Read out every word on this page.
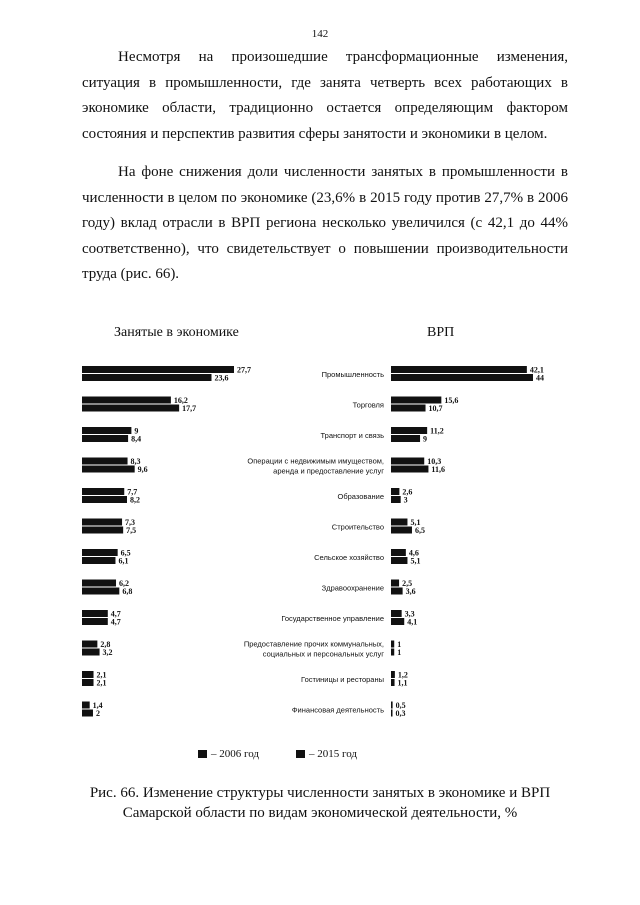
142

Несмотря на произошедшие трансформационные изменения, ситуация в промышленности, где занята четверть всех работающих в экономике области, традиционно остается определяющим фактором состояния и перспектив развития сферы занятости и экономики в целом.

На фоне снижения доли численности занятых в промышленности в численности в целом по экономике (23,6% в 2015 году против 27,7% в 2006 году) вклад отрасли в ВРП региона несколько увеличился (с 42,1 до 44% соответственно), что свидетельствует о повышении производительности труда (рис. 66).

Занятые в экономике	ВРП
27,7
23,6
16,2
17,7
9
8,4
8,3
9,6
7,7
8,2
7,3
7,5
6,5
6,1
6,2
6,8
4,7
4,7
2,8
3,2
2,1
2,1
1,4
2
42,1
44
15,6
10,7
11,2
9
10,3
11,6
2,6
3
5,1
6,5
4,6
5,1
2,5
3,6
3,3
4,1
1
1
1,2
1,1
0,5
0,3
Промышленность
Торговля
Транспорт и связь
Операции с недвижимым имуществом, аренда и предоставление услуг
Образование
Строительство
Сельское хозяйство
Здравоохранение
Государственное управление
Предоставление прочих коммунальных, социальных и персональных услуг
Гостиницы и рестораны
Финансовая деятельность
– 2006 год	– 2015 год
Рис. 66. Изменение структуры численности занятых в экономике и ВРП
Самарской области по видам экономической деятельности, %
